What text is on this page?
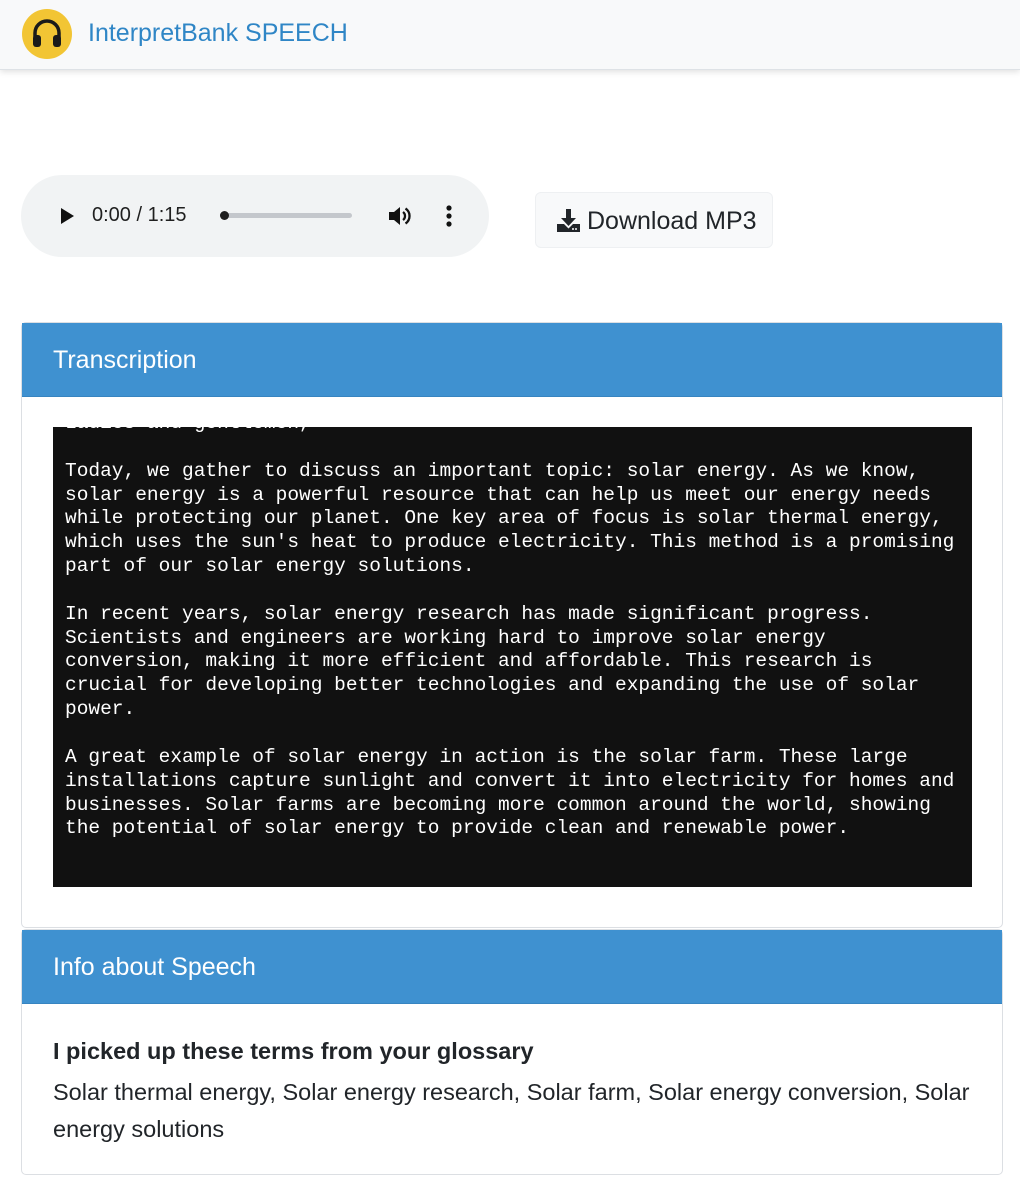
InterpretBank SPEECH
0:00 / 1:15	Download MP3
Transcription
Ladies and gentlemen,

Today, we gather to discuss an important topic: solar energy. As we know, solar energy is a powerful resource that can help us meet our energy needs while protecting our planet. One key area of focus is solar thermal energy, which uses the sun's heat to produce electricity. This method is a promising part of our solar energy solutions.

In recent years, solar energy research has made significant progress. Scientists and engineers are working hard to improve solar energy conversion, making it more efficient and affordable. This research is crucial for developing better technologies and expanding the use of solar power.

A great example of solar energy in action is the solar farm. These large installations capture sunlight and convert it into electricity for homes and businesses. Solar farms are becoming more common around the world, showing the potential of solar energy to provide clean and renewable power.
Info about Speech
I picked up these terms from your glossary
Solar thermal energy, Solar energy research, Solar farm, Solar energy conversion, Solar energy solutions
